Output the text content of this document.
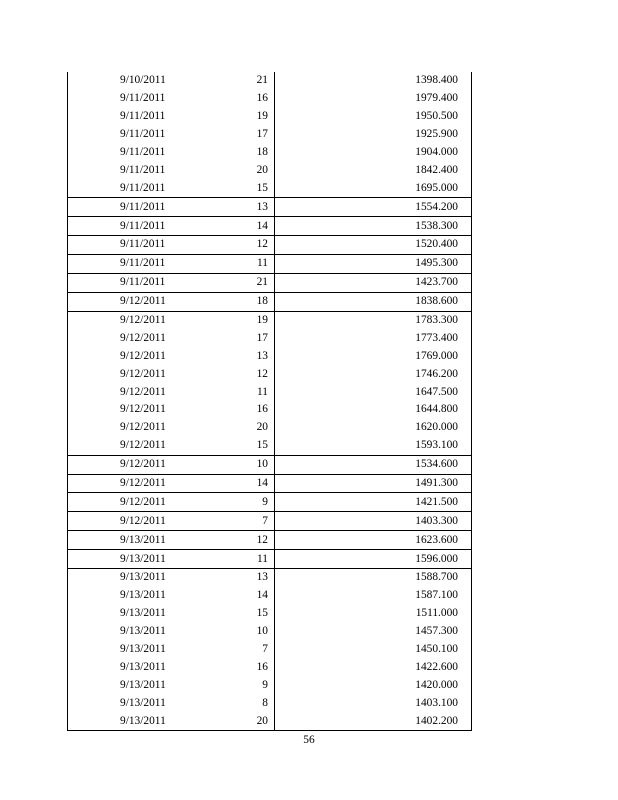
9/10/2011	21	1398.400
9/11/2011	16	1979.400
9/11/2011	19	1950.500
9/11/2011	17	1925.900
9/11/2011	18	1904.000
9/11/2011	20	1842.400
9/11/2011	15	1695.000
9/11/2011	13	1554.200
9/11/2011	14	1538.300
9/11/2011	12	1520.400
9/11/2011	11	1495.300
9/11/2011	21	1423.700
9/12/2011	18	1838.600
9/12/2011	19	1783.300
9/12/2011	17	1773.400
9/12/2011	13	1769.000
9/12/2011	12	1746.200
9/12/2011	11	1647.500
9/12/2011	16	1644.800
9/12/2011	20	1620.000
9/12/2011	15	1593.100
9/12/2011	10	1534.600
9/12/2011	14	1491.300
9/12/2011	9	1421.500
9/12/2011	7	1403.300
9/13/2011	12	1623.600
9/13/2011	11	1596.000
9/13/2011	13	1588.700
9/13/2011	14	1587.100
9/13/2011	15	1511.000
9/13/2011	10	1457.300
9/13/2011	7	1450.100
9/13/2011	16	1422.600
9/13/2011	9	1420.000
9/13/2011	8	1403.100
9/13/2011	20	1402.200
56
